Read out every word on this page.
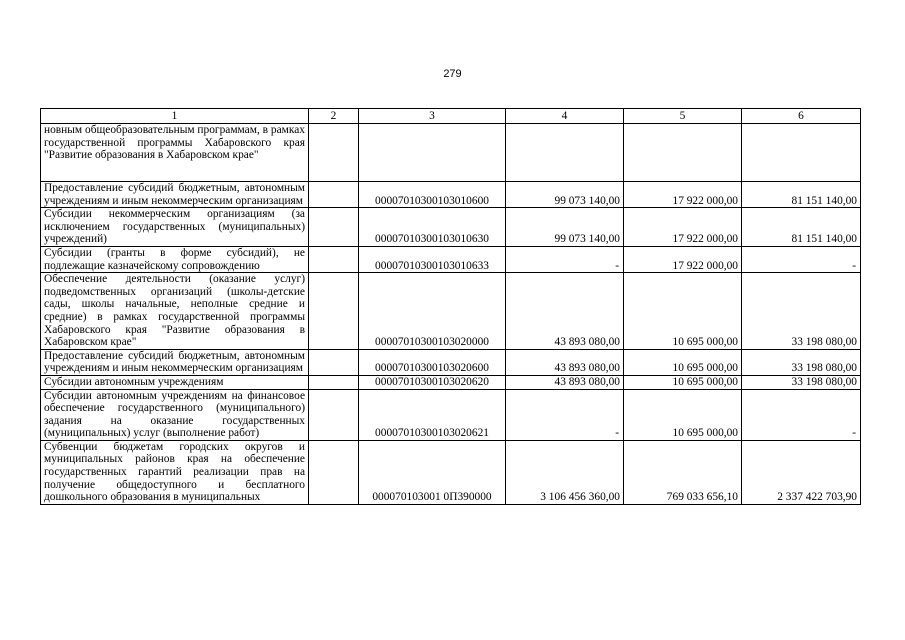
279
1	2	3	4	5	6
новным общеобразовательным программам, в рамках государственной программы Хабаровского края "Развитие образования в Хабаровском крае"					
Предоставление субсидий бюджетным, автономным учреждениям и иным некоммерческим организациям		00007010300103010600	99 073 140,00	17 922 000,00	81 151 140,00
Субсидии некоммерческим организациям (за исключением государственных (муниципальных) учреждений)		00007010300103010630	99 073 140,00	17 922 000,00	81 151 140,00
Субсидии (гранты в форме субсидий), не подлежащие казначейскому сопровождению		00007010300103010633	-	17 922 000,00	-
Обеспечение деятельности (оказание услуг) подведомственных организаций (школы-детские сады, школы начальные, неполные средние и средние) в рамках государственной программы Хабаровского края "Развитие образования в Хабаровском крае"		00007010300103020000	43 893 080,00	10 695 000,00	33 198 080,00
Предоставление субсидий бюджетным, автономным учреждениям и иным некоммерческим организациям		00007010300103020600	43 893 080,00	10 695 000,00	33 198 080,00
Субсидии автономным учреждениям		00007010300103020620	43 893 080,00	10 695 000,00	33 198 080,00
Субсидии автономным учреждениям на финансовое обеспечение государственного (муниципального) задания на оказание государственных (муниципальных) услуг (выполнение работ)		00007010300103020621	-	10 695 000,00	-
Субвенции бюджетам городских округов и муниципальных районов края на обеспечение государственных гарантий реализации прав на получение общедоступного и бесплатного дошкольного образования в муниципальных		000070103001 0П390000	3 106 456 360,00	769 033 656,10	2 337 422 703,90
